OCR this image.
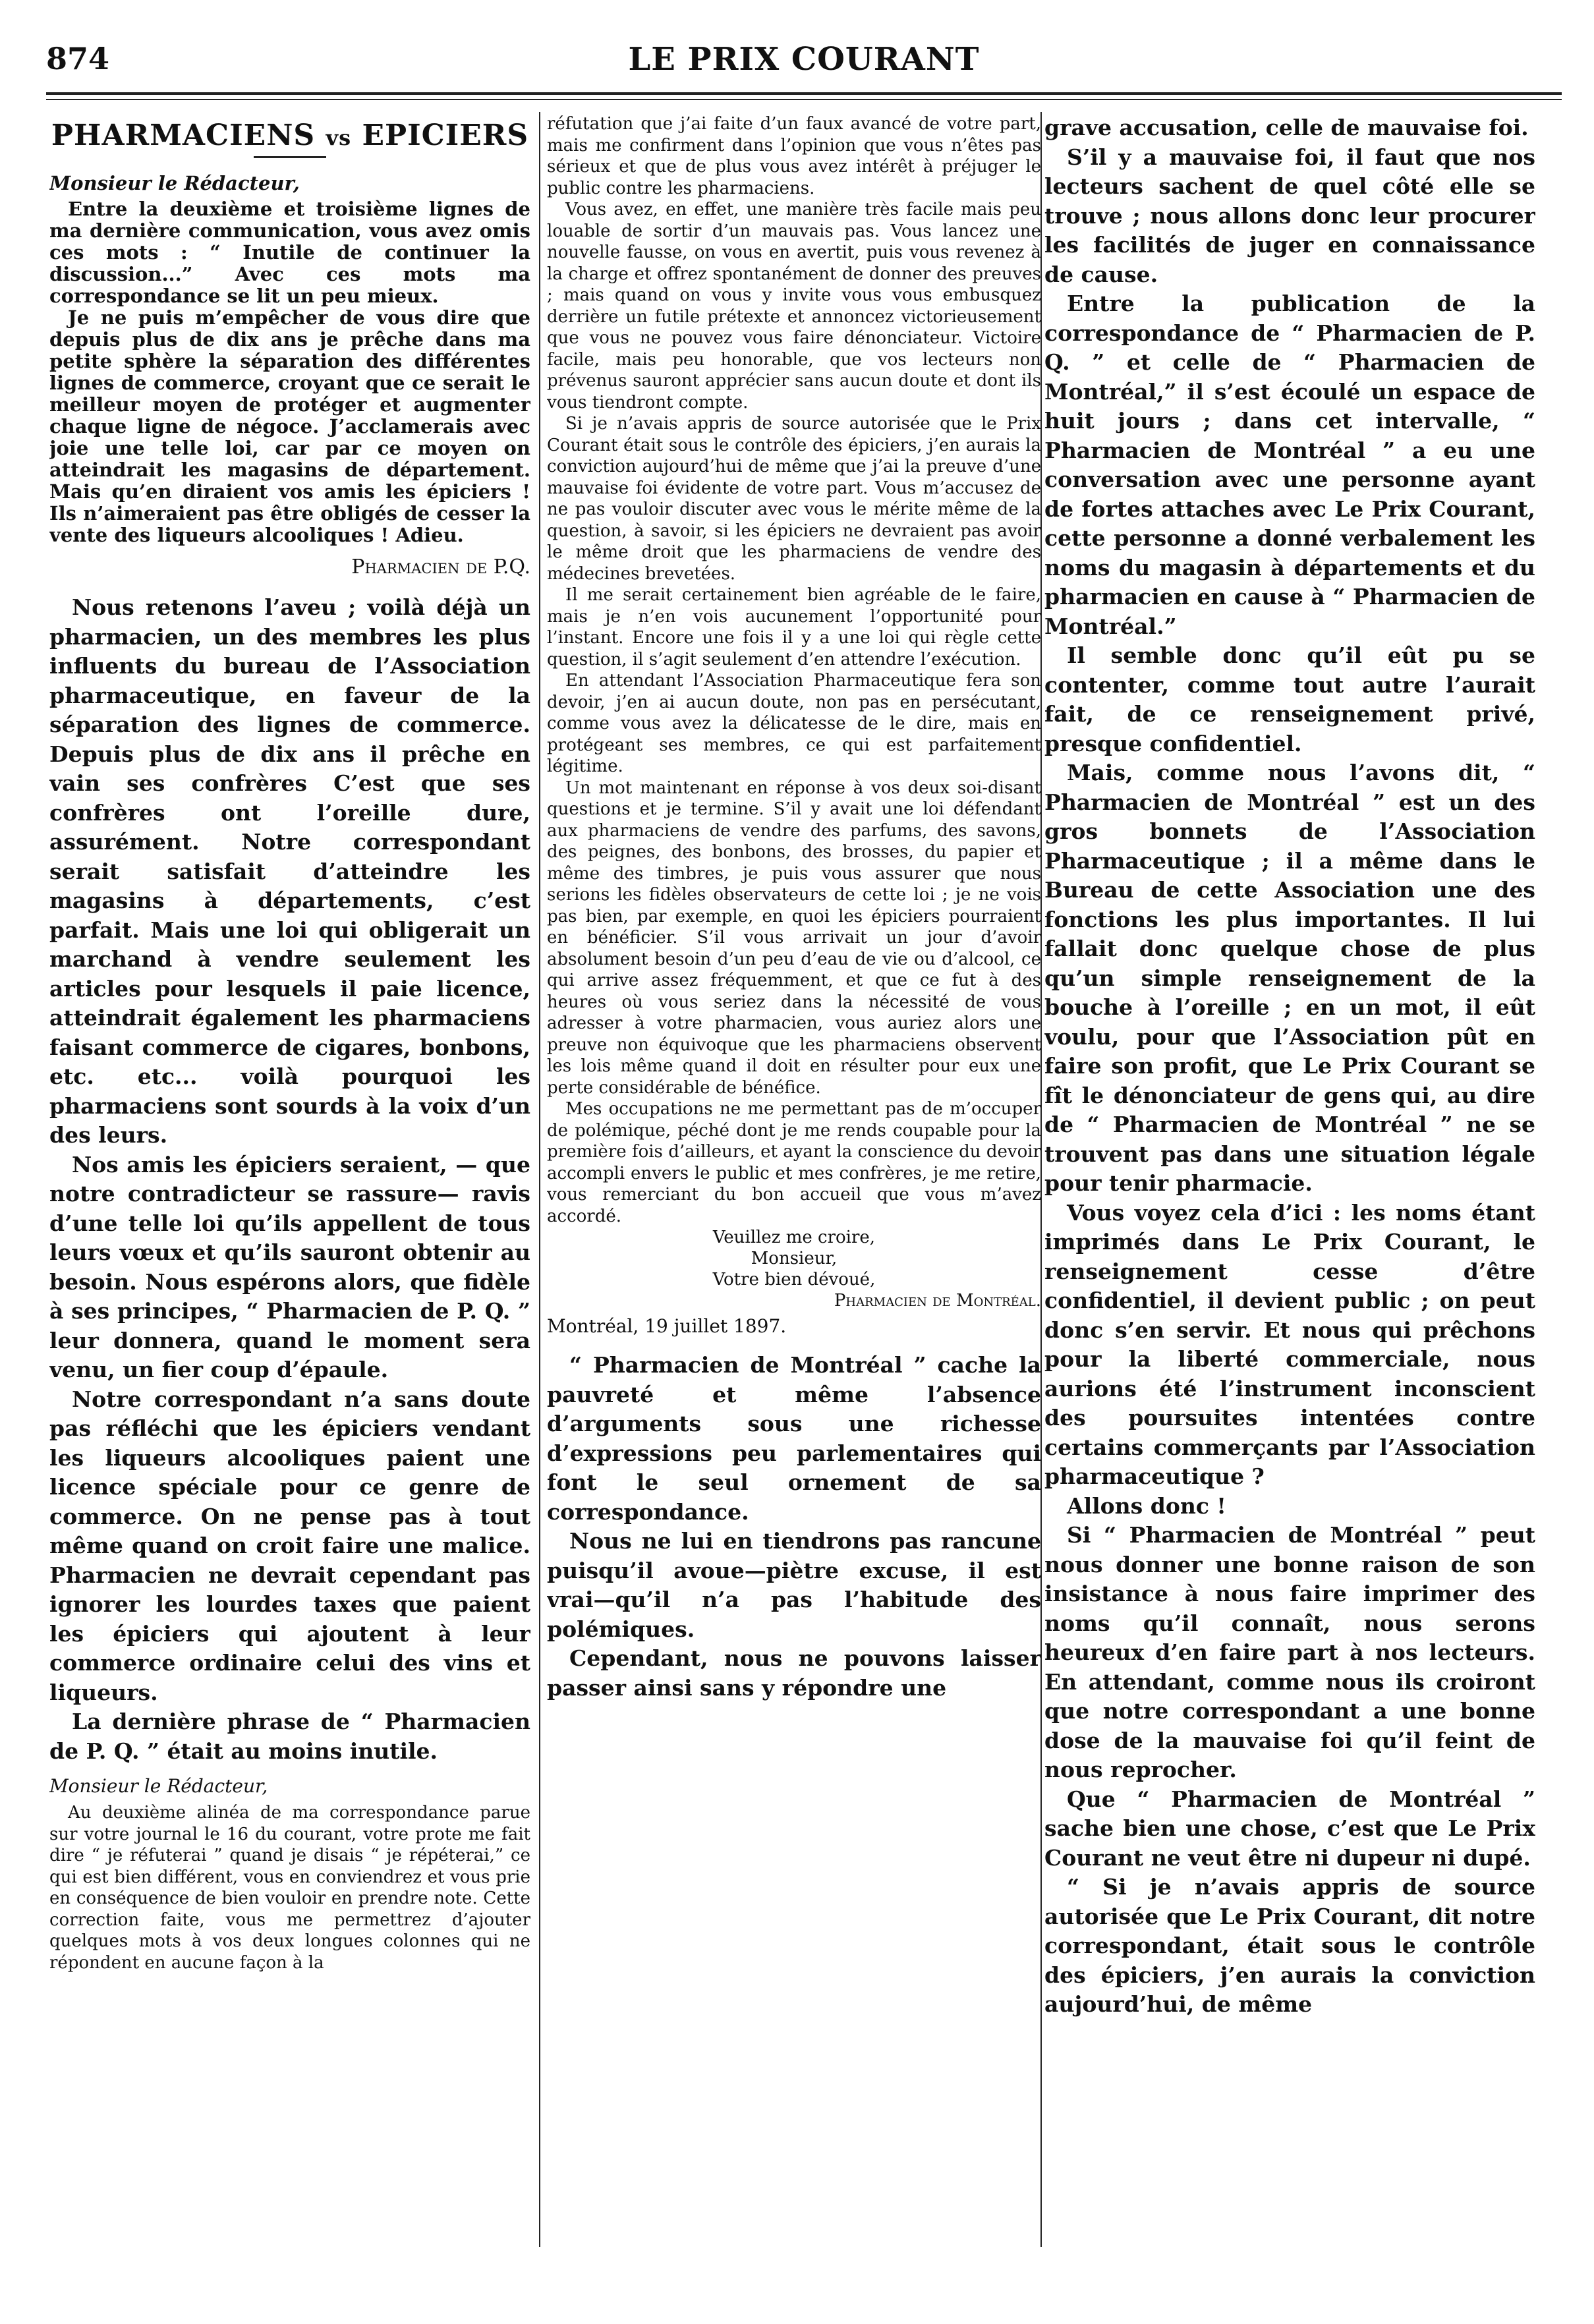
874	LE PRIX COURANT
PHARMACIENS vs EPICIERS
Monsieur le Rédacteur,

Entre la deuxième et troisième lignes de ma dernière communication, vous avez omis ces mots : “ Inutile de continuer la discussion...” Avec ces mots ma correspondance se lit un peu mieux.

Je ne puis m’empêcher de vous dire que depuis plus de dix ans je prêche dans ma petite sphère la séparation des différentes lignes de commerce, croyant que ce serait le meilleur moyen de protéger et augmenter chaque ligne de négoce. J’acclamerais avec joie une telle loi, car par ce moyen on atteindrait les magasins de département. Mais qu’en diraient vos amis les épiciers ! Ils n’aimeraient pas être obligés de cesser la vente des liqueurs alcooliques ! Adieu.

Pharmacien de P.Q.

Nous retenons l’aveu ; voilà déjà un pharmacien, un des membres les plus influents du bureau de l’Association pharmaceutique, en faveur de la séparation des lignes de commerce. Depuis plus de dix ans il prêche en vain ses confrères C’est que ses confrères ont l’oreille dure, assurément. Notre correspondant serait satisfait d’atteindre les magasins à départements, c’est parfait. Mais une loi qui obligerait un marchand à vendre seulement les articles pour lesquels il paie licence, atteindrait également les pharmaciens faisant commerce de cigares, bonbons, etc. etc... voilà pourquoi les pharmaciens sont sourds à la voix d’un des leurs.

Nos amis les épiciers seraient, — que notre contradicteur se rassure— ravis d’une telle loi qu’ils appellent de tous leurs vœux et qu’ils sauront obtenir au besoin. Nous espérons alors, que fidèle à ses principes, “ Pharmacien de P. Q. ” leur donnera, quand le moment sera venu, un fier coup d’épaule.

Notre correspondant n’a sans doute pas réfléchi que les épiciers vendant les liqueurs alcooliques paient une licence spéciale pour ce genre de commerce. On ne pense pas à tout même quand on croit faire une malice. Pharmacien ne devrait cependant pas ignorer les lourdes taxes que paient les épiciers qui ajoutent à leur commerce ordinaire celui des vins et liqueurs.

La dernière phrase de “ Pharmacien de P. Q. ” était au moins inutile.

Monsieur le Rédacteur,

Au deuxième alinéa de ma correspondance parue sur votre journal le 16 du courant, votre prote me fait dire “ je réfuterai ” quand je disais “ je répéterai,” ce qui est bien différent, vous en conviendrez et vous prie en conséquence de bien vouloir en prendre note. Cette correction faite, vous me permettrez d’ajouter quelques mots à vos deux longues colonnes qui ne répondent en aucune façon à la

réfutation que j’ai faite d’un faux avancé de votre part, mais me confirment dans l’opinion que vous n’êtes pas sérieux et que de plus vous avez intérêt à préjuger le public contre les pharmaciens.

Vous avez, en effet, une manière très facile mais peu louable de sortir d’un mauvais pas. Vous lancez une nouvelle fausse, on vous en avertit, puis vous revenez à la charge et offrez spontanément de donner des preuves ; mais quand on vous y invite vous vous embusquez derrière un futile prétexte et annoncez victorieusement que vous ne pouvez vous faire dénonciateur. Victoire facile, mais peu honorable, que vos lecteurs non prévenus sauront apprécier sans aucun doute et dont ils vous tiendront compte.

Si je n’avais appris de source autorisée que le Prix Courant était sous le contrôle des épiciers, j’en aurais la conviction aujourd’hui de même que j’ai la preuve d’une mauvaise foi évidente de votre part. Vous m’accusez de ne pas vouloir discuter avec vous le mérite même de la question, à savoir, si les épiciers ne devraient pas avoir le même droit que les pharmaciens de vendre des médecines brevetées.

Il me serait certainement bien agréable de le faire, mais je n’en vois aucunement l’opportunité pour l’instant. Encore une fois il y a une loi qui règle cette question, il s’agit seulement d’en attendre l’exécution.

En attendant l’Association Pharmaceutique fera son devoir, j’en ai aucun doute, non pas en persécutant, comme vous avez la délicatesse de le dire, mais en protégeant ses membres, ce qui est parfaitement légitime.

Un mot maintenant en réponse à vos deux soi-disant questions et je termine. S’il y avait une loi défendant aux pharmaciens de vendre des parfums, des savons, des peignes, des bonbons, des brosses, du papier et même des timbres, je puis vous assurer que nous serions les fidèles observateurs de cette loi ; je ne vois pas bien, par exemple, en quoi les épiciers pourraient en bénéficier. S’il vous arrivait un jour d’avoir absolument besoin d’un peu d’eau de vie ou d’alcool, ce qui arrive assez fréquemment, et que ce fut à des heures où vous seriez dans la nécessité de vous adresser à votre pharmacien, vous auriez alors une preuve non équivoque que les pharmaciens observent les lois même quand il doit en résulter pour eux une perte considérable de bénéfice.

Mes occupations ne me permettant pas de m’occuper de polémique, péché dont je me rends coupable pour la première fois d’ailleurs, et ayant la conscience du devoir accompli envers le public et mes confrères, je me retire, vous remerciant du bon accueil que vous m’avez accordé.

Veuillez me croire,
Monsieur,
Votre bien dévoué,
Pharmacien de Montréal.
Montréal, 19 juillet 1897.

“ Pharmacien de Montréal ” cache la pauvreté et même l’absence d’arguments sous une richesse d’expressions peu parlementaires qui font le seul ornement de sa correspondance.

Nous ne lui en tiendrons pas rancune puisqu’il avoue—piètre excuse, il est vrai—qu’il n’a pas l’habitude des polémiques.

Cependant, nous ne pouvons laisser passer ainsi sans y répondre une

grave accusation, celle de mauvaise foi.

S’il y a mauvaise foi, il faut que nos lecteurs sachent de quel côté elle se trouve ; nous allons donc leur procurer les facilités de juger en connaissance de cause.

Entre la publication de la correspondance de “ Pharmacien de P. Q. ” et celle de “ Pharmacien de Montréal,” il s’est écoulé un espace de huit jours ; dans cet intervalle, “ Pharmacien de Montréal ” a eu une conversation avec une personne ayant de fortes attaches avec Le Prix Courant, cette personne a donné verbalement les noms du magasin à départements et du pharmacien en cause à “ Pharmacien de Montréal.”

Il semble donc qu’il eût pu se contenter, comme tout autre l’aurait fait, de ce renseignement privé, presque confidentiel.

Mais, comme nous l’avons dit, “ Pharmacien de Montréal ” est un des gros bonnets de l’Association Pharmaceutique ; il a même dans le Bureau de cette Association une des fonctions les plus importantes. Il lui fallait donc quelque chose de plus qu’un simple renseignement de la bouche à l’oreille ; en un mot, il eût voulu, pour que l’Association pût en faire son profit, que Le Prix Courant se fît le dénonciateur de gens qui, au dire de “ Pharmacien de Montréal ” ne se trouvent pas dans une situation légale pour tenir pharmacie.

Vous voyez cela d’ici : les noms étant imprimés dans Le Prix Courant, le renseignement cesse d’être confidentiel, il devient public ; on peut donc s’en servir. Et nous qui prêchons pour la liberté commerciale, nous aurions été l’instrument inconscient des poursuites intentées contre certains commerçants par l’Association pharmaceutique ?

Allons donc !

Si “ Pharmacien de Montréal ” peut nous donner une bonne raison de son insistance à nous faire imprimer des noms qu’il connaît, nous serons heureux d’en faire part à nos lecteurs. En attendant, comme nous ils croiront que notre correspondant a une bonne dose de la mauvaise foi qu’il feint de nous reprocher.

Que “ Pharmacien de Montréal ” sache bien une chose, c’est que Le Prix Courant ne veut être ni dupeur ni dupé.

“ Si je n’avais appris de source autorisée que Le Prix Courant, dit notre correspondant, était sous le contrôle des épiciers, j’en aurais la conviction aujourd’hui, de même
